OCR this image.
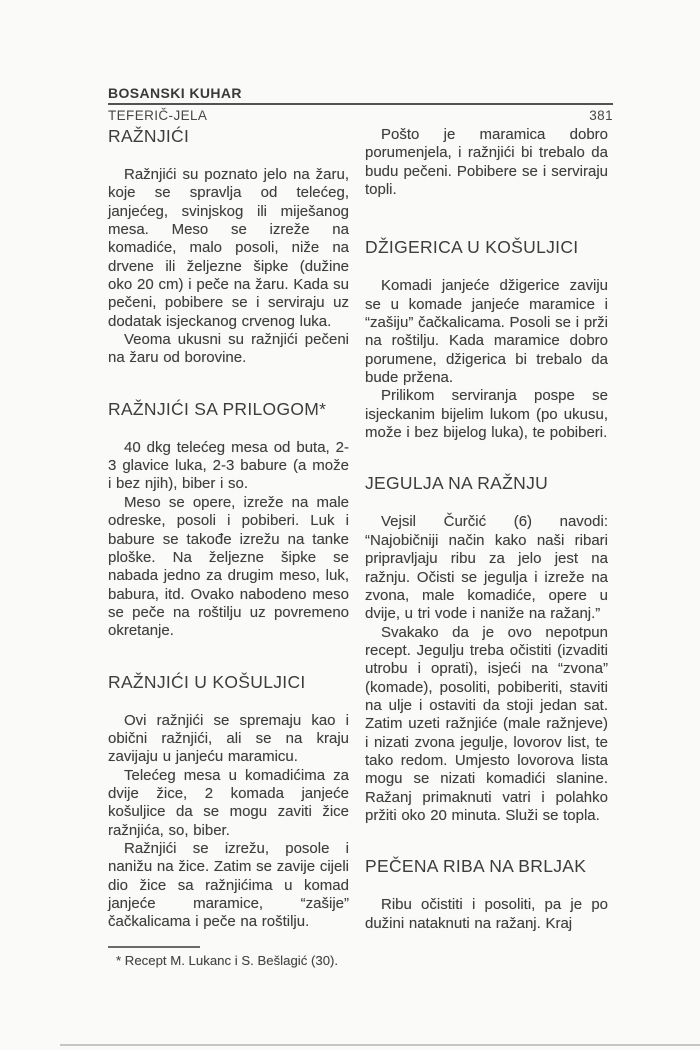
BOSANSKI KUHAR
TEFERIČ-JELA	381
RAŽNJIĆI

Ražnjići su poznato jelo na žaru, koje se spravlja od telećeg, janjećeg, svinjskog ili miješanog mesa. Meso se izreže na komadiće, malo posoli, niže na drvene ili željezne šipke (dužine oko 20 cm) i peče na žaru. Kada su pečeni, pobibere se i serviraju uz dodatak isjeckanog crvenog luka.

Veoma ukusni su ražnjići pečeni na žaru od borovine.

RAŽNJIĆI SA PRILOGOM*

40 dkg telećeg mesa od buta, 2-3 glavice luka, 2-3 babure (a može i bez njih), biber i so.

Meso se opere, izreže na male odreske, posoli i pobiberi. Luk i babure se takođe izrežu na tanke ploške. Na željezne šipke se nabada jedno za drugim meso, luk, babura, itd. Ovako nabodeno meso se peče na roštilju uz povremeno okretanje.

RAŽNJIĆI U KOŠULJICI

Ovi ražnjići se spremaju kao i obični ražnjići, ali se na kraju zavijaju u janjeću maramicu.

Telećeg mesa u komadićima za dvije žice, 2 komada janjeće košuljice da se mogu zaviti žice ražnjića, so, biber.

Ražnjići se izrežu, posole i nanižu na žice. Zatim se zavije cijeli dio žice sa ražnjićima u komad janjeće maramice, “zašije” čačkalicama i peče na roštilju.

* Recept M. Lukanc i S. Bešlagić (30).

Pošto je maramica dobro porumenjela, i ražnjići bi trebalo da budu pečeni. Pobibere se i serviraju topli.

DŽIGERICA U KOŠULJICI

Komadi janjeće džigerice zaviju se u komade janjeće maramice i “zašiju” čačkalicama. Posoli se i prži na roštilju. Kada maramice dobro porumene, džigerica bi trebalo da bude pržena.

Prilikom serviranja pospe se isjeckanim bijelim lukom (po ukusu, može i bez bijelog luka), te pobiberi.

JEGULJA NA RAŽNJU

Vejsil Čurčić (6) navodi: “Najobičniji način kako naši ribari pripravljaju ribu za jelo jest na ražnju. Očisti se jegulja i izreže na zvona, male komadiće, opere u dvije, u tri vode i naniže na ražanj.”

Svakako da je ovo nepotpun recept. Jegulju treba očistiti (izvaditi utrobu i oprati), isjeći na “zvona” (komade), posoliti, pobiberiti, staviti na ulje i ostaviti da stoji jedan sat. Zatim uzeti ražnjiće (male ražnjeve) i nizati zvona jegulje, lovorov list, te tako redom. Umjesto lovorova lista mogu se nizati komadići slanine. Ražanj primaknuti vatri i polahko pržiti oko 20 minuta. Služi se topla.

PEČENA RIBA NA BRLJAK

Ribu očistiti i posoliti, pa je po dužini nataknuti na ražanj. Kraj
